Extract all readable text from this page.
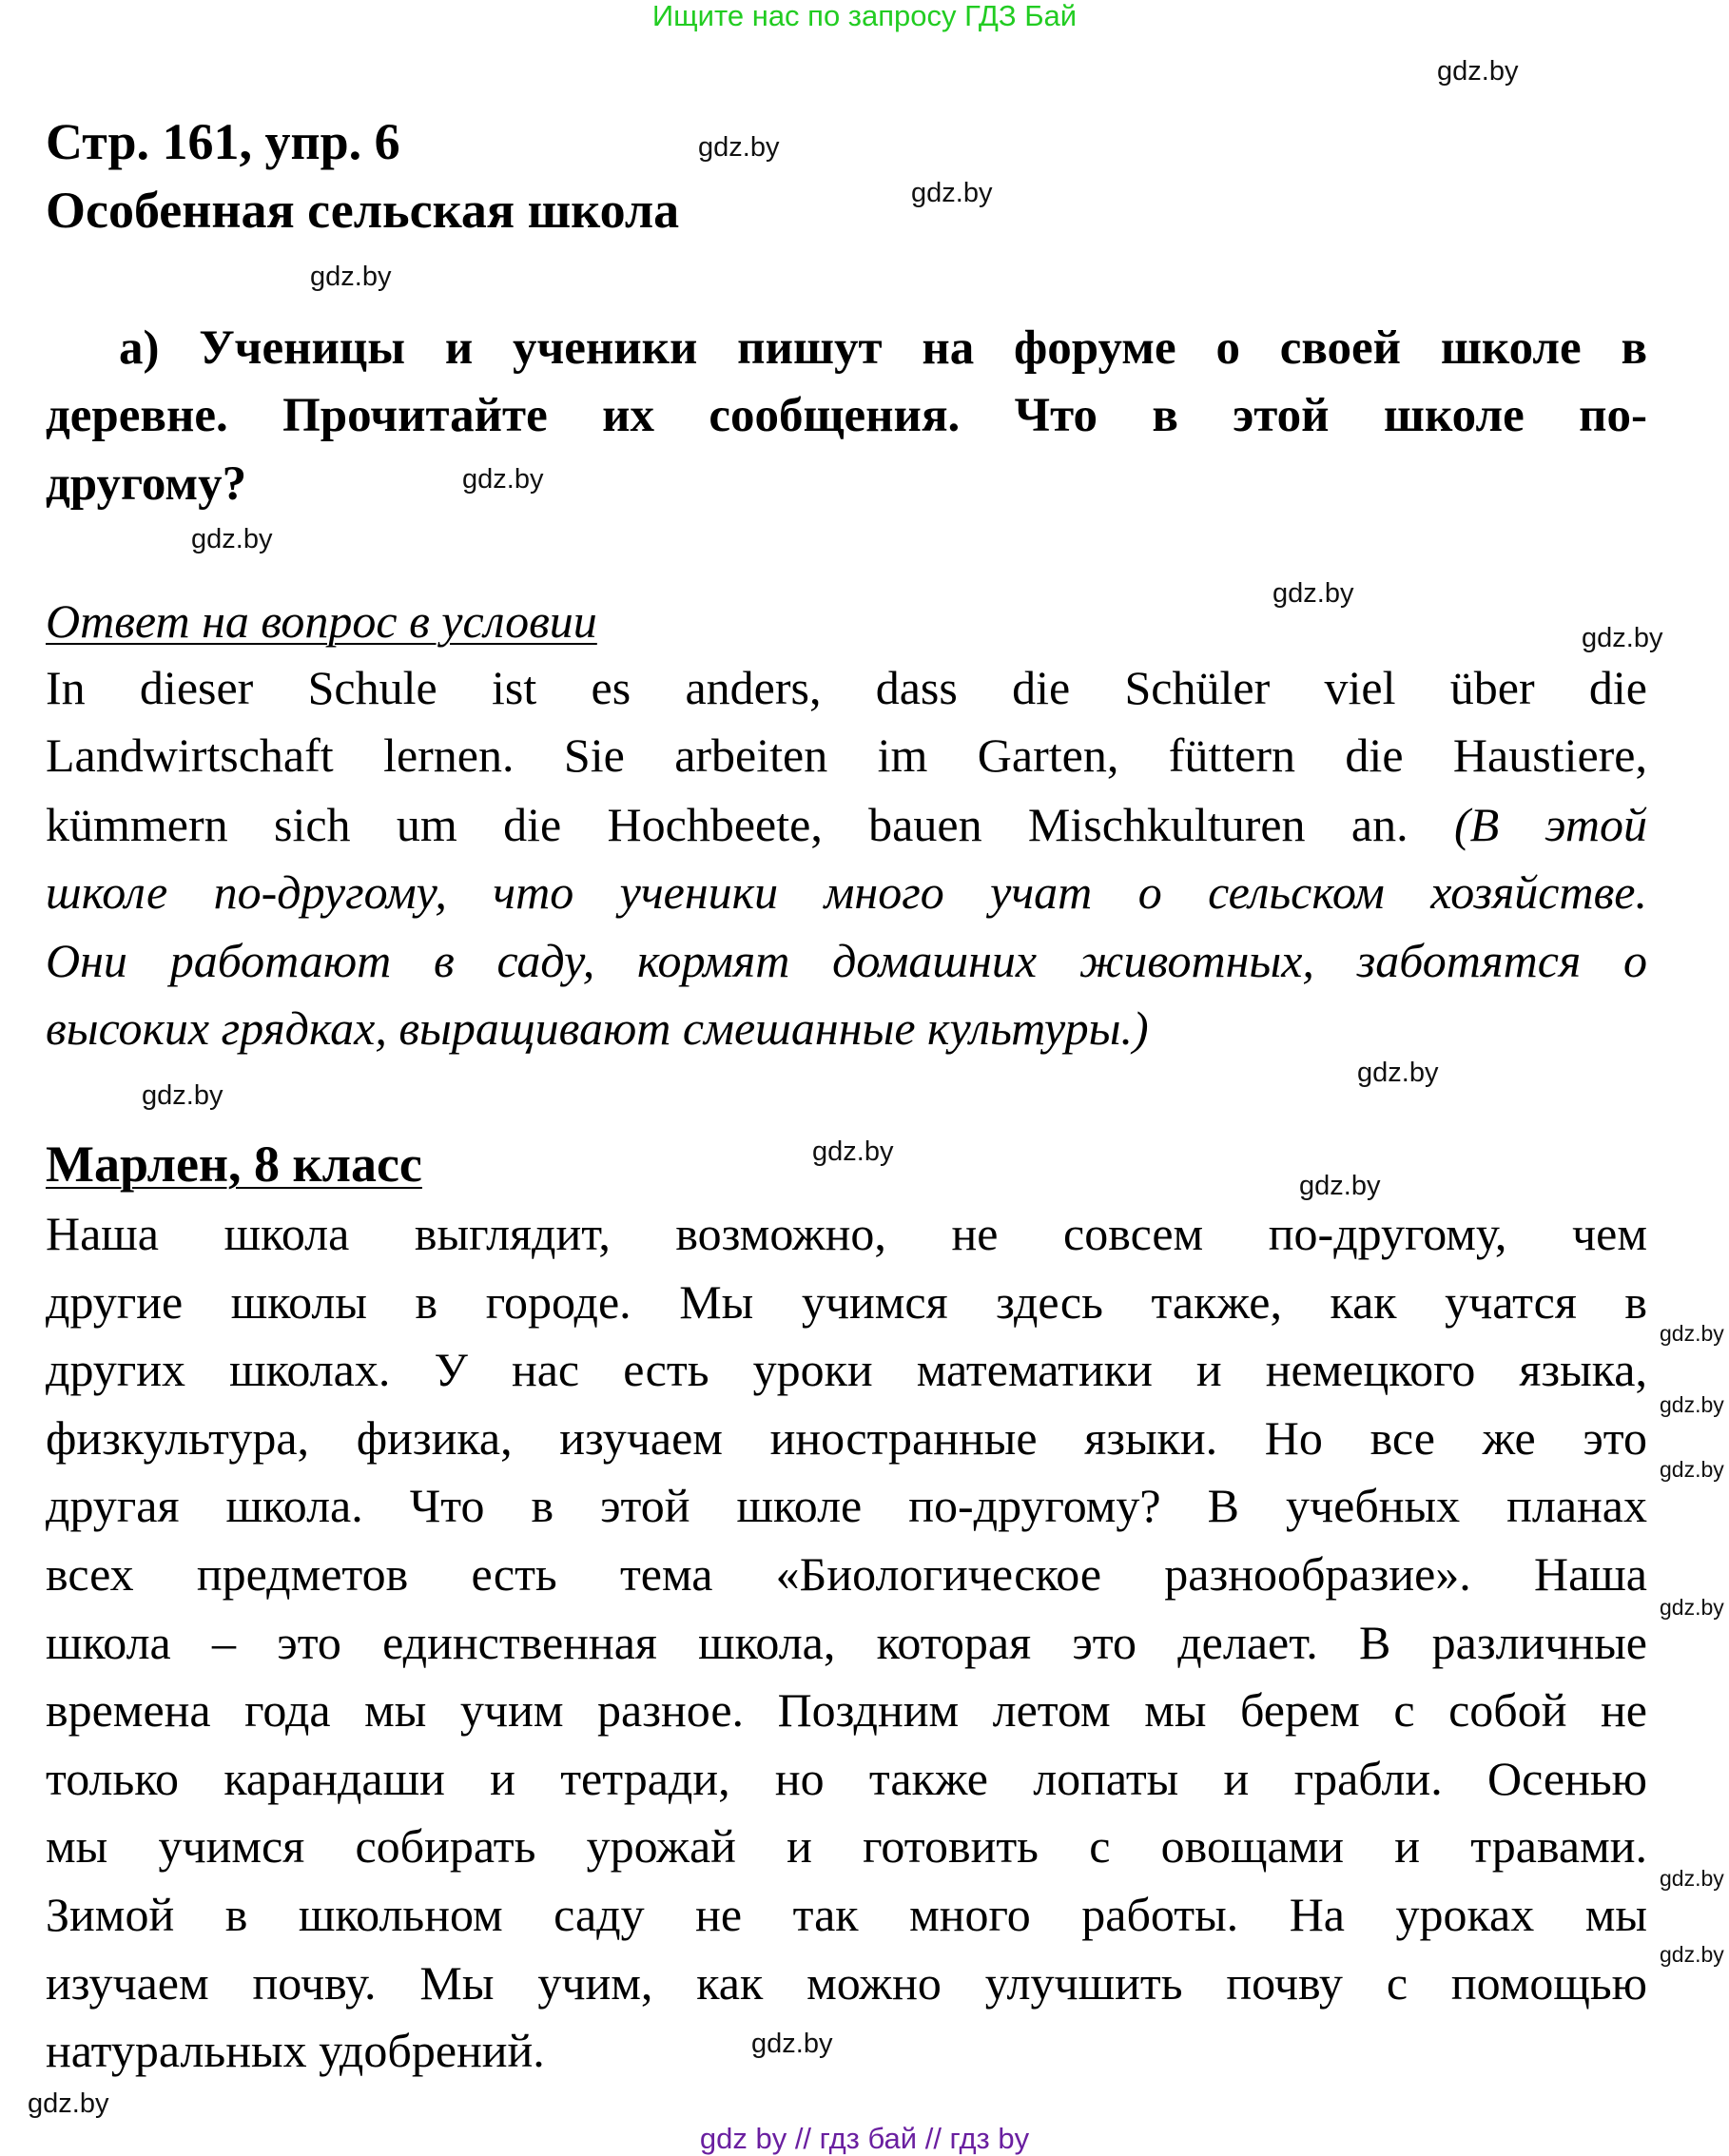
Ищите нас по запросу ГДЗ Бай
Стр. 161, упр. 6
Особенная сельская школа
а) Ученицы и ученики пишут на форуме о своей школе в
деревне. Прочитайте их сообщения. Что в этой школе по-
другому?
Ответ на вопрос в условии
In dieser Schule ist es anders, dass die Schüler viel über die
Landwirtschaft lernen. Sie arbeiten im Garten, füttern die Haustiere,
kümmern sich um die Hochbeete, bauen Mischkulturen an. (В этой
школе по-другому, что ученики много учат о сельском хозяйстве.
Они работают в саду, кормят домашних животных, заботятся о
высоких грядках, выращивают смешанные культуры.)
Марлен, 8 класс
Наша школа выглядит, возможно, не совсем по-другому, чем
другие школы в городе. Мы учимся здесь также, как учатся в
других школах. У нас есть уроки математики и немецкого языка,
физкультура, физика, изучаем иностранные языки. Но все же это
другая школа. Что в этой школе по-другому? В учебных планах
всех предметов есть тема «Биологическое разнообразие». Наша
школа – это единственная школа, которая это делает. В различные
времена года мы учим разное. Поздним летом мы берем с собой не
только карандаши и тетради, но также лопаты и грабли. Осенью
мы учимся собирать урожай и готовить с овощами и травами.
Зимой в школьном саду не так много работы. На уроках мы
изучаем почву. Мы учим, как можно улучшить почву с помощью
натуральных удобрений.
gdz.by
gdz.by
gdz.by
gdz.by
gdz.by
gdz.by
gdz.by
gdz.by
gdz.by
gdz.by
gdz.by
gdz.by
gdz.by
gdz.by
gdz.by
gdz.by
gdz.by
gdz.by
gdz.by
gdz.by
gdz by // гдз бай // гдз by
